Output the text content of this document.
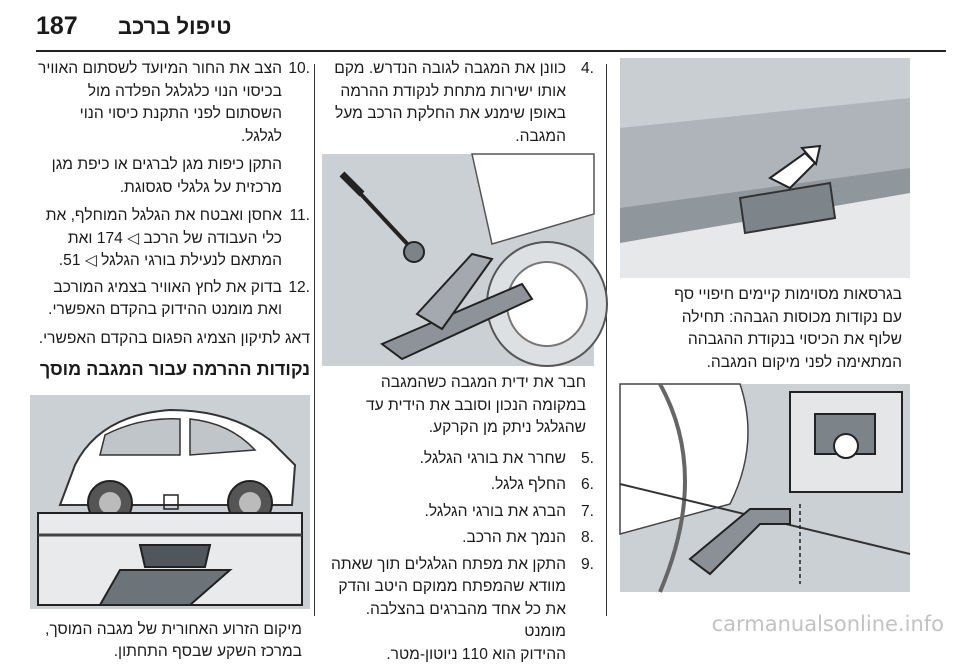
187 טיפול ברכב
בגרסאות מסוימות קיימים חיפויי סף
עם נקודות מכוסות הגבהה: תחילה
שלוף את הכיסוי בנקודת ההגבהה
המתאימה לפני מיקום המגבה.
4.
כוונן את המגבה לגובה הנדרש. מקם
אותו ישירות מתחת לנקודת ההרמה
באופן שימנע את החלקת הרכב מעל
המגבה.
חבר את ידית המגבה כשהמגבה
במקומה הנכון וסובב את הידית עד
שהגלגל ניתק מן הקרקע.
5.
שחרר את בורגי הגלגל.
6.
החלף גלגל.
7.
הברג את בורגי הגלגל.
8.
הנמך את הרכב.
9.
התקן את מפתח הגלגלים תוך שאתה
מוודא שהמפתח ממוקם היטב והדק
את כל אחד מהברגים בהצלבה. מומנט
ההידוק הוא 110 ניוטון-מטר.
10.
הצב את החור המיועד לשסתום האוויר
בכיסוי הנוי כלגלגל הפלדה מול
השסתום לפני התקנת כיסוי הנוי
לגלגל.
התקן כיפות מגן לברגים או כיפת מגן
מרכזית על גלגלי סגסוגת.
11.
אחסן ואבטח את הגלגל המוחלף, את
כלי העבודה של הרכב ◁ 174 ואת
המתאם לנעילת בורגי הגלגל ◁ 51.
12.
בדוק את לחץ האוויר בצמיג המורכב
ואת מומנט ההידוק בהקדם האפשרי.
דאג לתיקון הצמיג הפגום בהקדם האפשרי.
נקודות ההרמה עבור המגבה מוסך
מיקום הזרוע האחורית של מגבה המוסך,
במרכז השקע שבסף התחתון.
carmanualsonline.info
